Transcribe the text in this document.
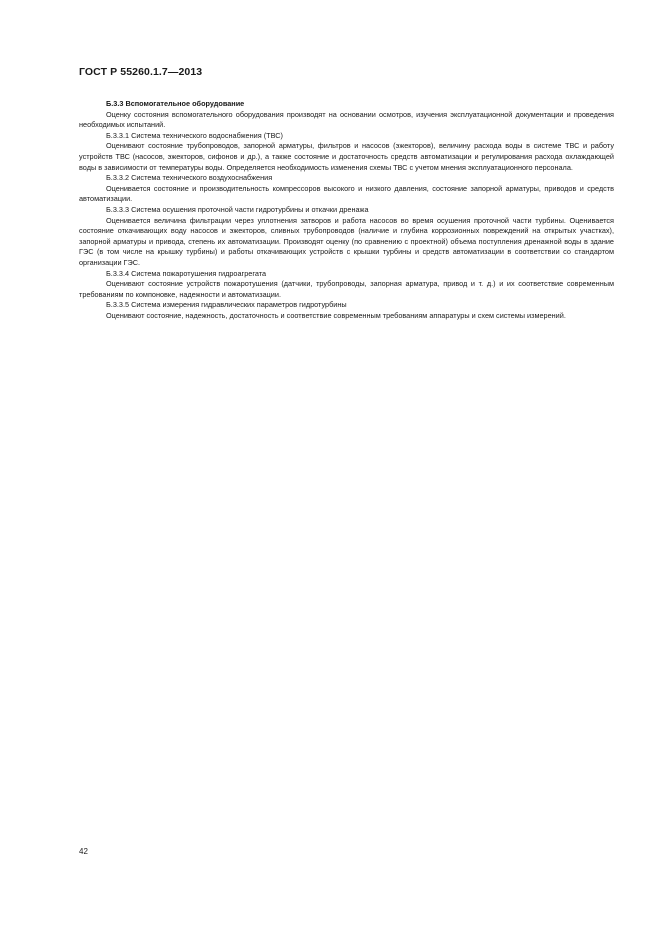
ГОСТ Р 55260.1.7—2013

Б.3.3 Вспомогательное оборудование

Оценку состояния вспомогательного оборудования производят на основании осмотров, изучения эксплуатационной документации и проведения необходимых испытаний.

Б.3.3.1 Система технического водоснабжения (ТВС)

Оценивают состояние трубопроводов, запорной арматуры, фильтров и насосов (эжекторов), величину расхода воды в системе ТВС и работу устройств ТВС (насосов, эжекторов, сифонов и др.), а также состояние и достаточность средств автоматизации и регулирования расхода охлаждающей воды в зависимости от температуры воды. Определяется необходимость изменения схемы ТВС с учетом мнения эксплуатационного персонала.

Б.3.3.2 Система технического воздухоснабжения

Оценивается состояние и производительность компрессоров высокого и низкого давления, состояние запорной арматуры, приводов и средств автоматизации.

Б.3.3.3 Система осушения проточной части гидротурбины и откачки дренажа

Оценивается величина фильтрации через уплотнения затворов и работа насосов во время осушения проточной части турбины. Оценивается состояние откачивающих воду насосов и эжекторов, сливных трубопроводов (наличие и глубина коррозионных повреждений на открытых участках), запорной арматуры и привода, степень их автоматизации. Производят оценку (по сравнению с проектной) объема поступления дренажной воды в здание ГЭС (в том числе на крышку турбины) и работы откачивающих устройств с крышки турбины и средств автоматизации в соответствии со стандартом организации ГЭС.

Б.3.3.4 Система пожаротушения гидроагрегата

Оценивают состояние устройств пожаротушения (датчики, трубопроводы, запорная арматура, привод и т. д.) и их соответствие современным требованиям по компоновке, надежности и автоматизации.

Б.3.3.5 Система измерения гидравлических параметров гидротурбины

Оценивают состояние, надежность, достаточность и соответствие современным требованиям аппаратуры и схем системы измерений.

42
